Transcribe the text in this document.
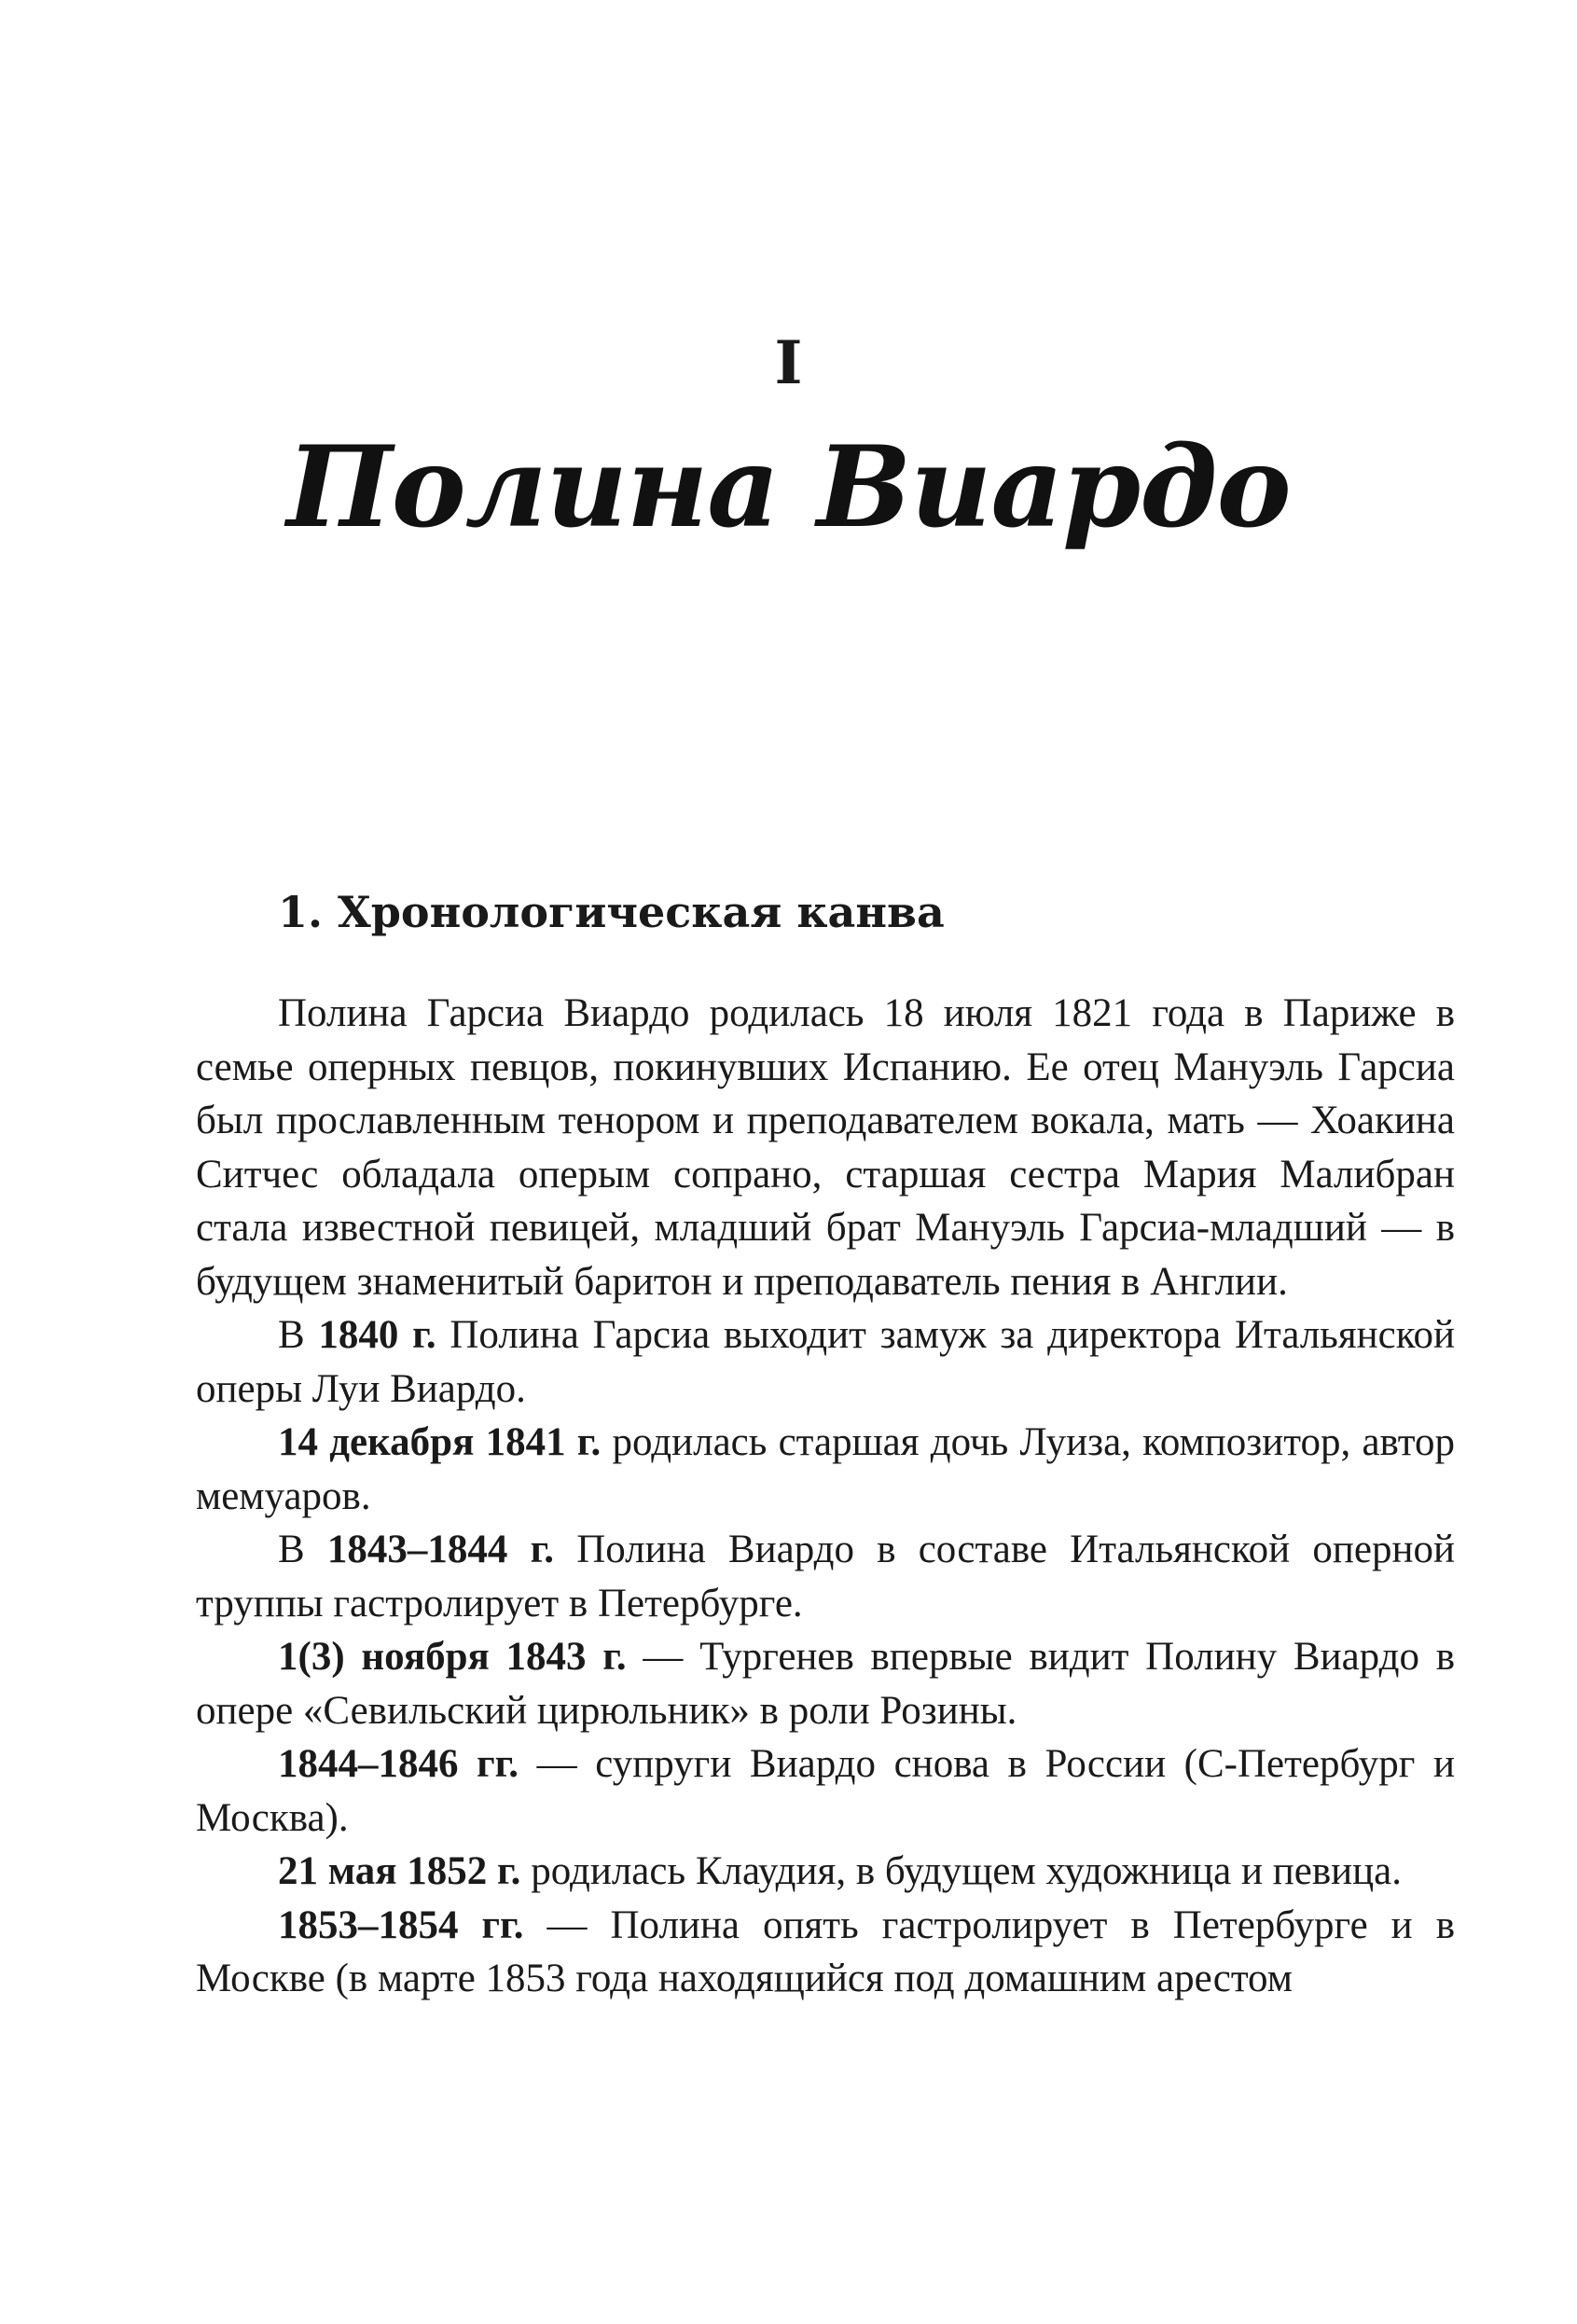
I
Полина Виардо
1. Хронологическая канва

Полина Гарсиа Виардо родилась 18 июля 1821 года в Париже в семье оперных певцов, покинувших Испанию. Ее отец Мануэль Гарсиа был прославленным тенором и преподавателем вокала, мать — Хоакина Ситчес обладала оперым сопрано, старшая сестра Мария Малибран стала известной певицей, младший брат Мануэль Гарсиа-младший — в будущем знаменитый баритон и преподаватель пения в Англии.

В 1840 г. Полина Гарсиа выходит замуж за директора Итальянской оперы Луи Виардо.

14 декабря 1841 г. родилась старшая дочь Луиза, композитор, автор мемуаров.

В 1843–1844 г. Полина Виардо в составе Итальянской оперной труппы гастролирует в Петербурге.

1(3) ноября 1843 г. — Тургенев впервые видит Полину Виардо в опере «Севильский цирюльник» в роли Розины.

1844–1846 гг. — супруги Виардо снова в России (С-Петербург и Москва).

21 мая 1852 г. родилась Клаудия, в будущем художница и певица.

1853–1854 гг. — Полина опять гастролирует в Петербурге и в Москве (в марте 1853 года находящийся под домашним арестом
